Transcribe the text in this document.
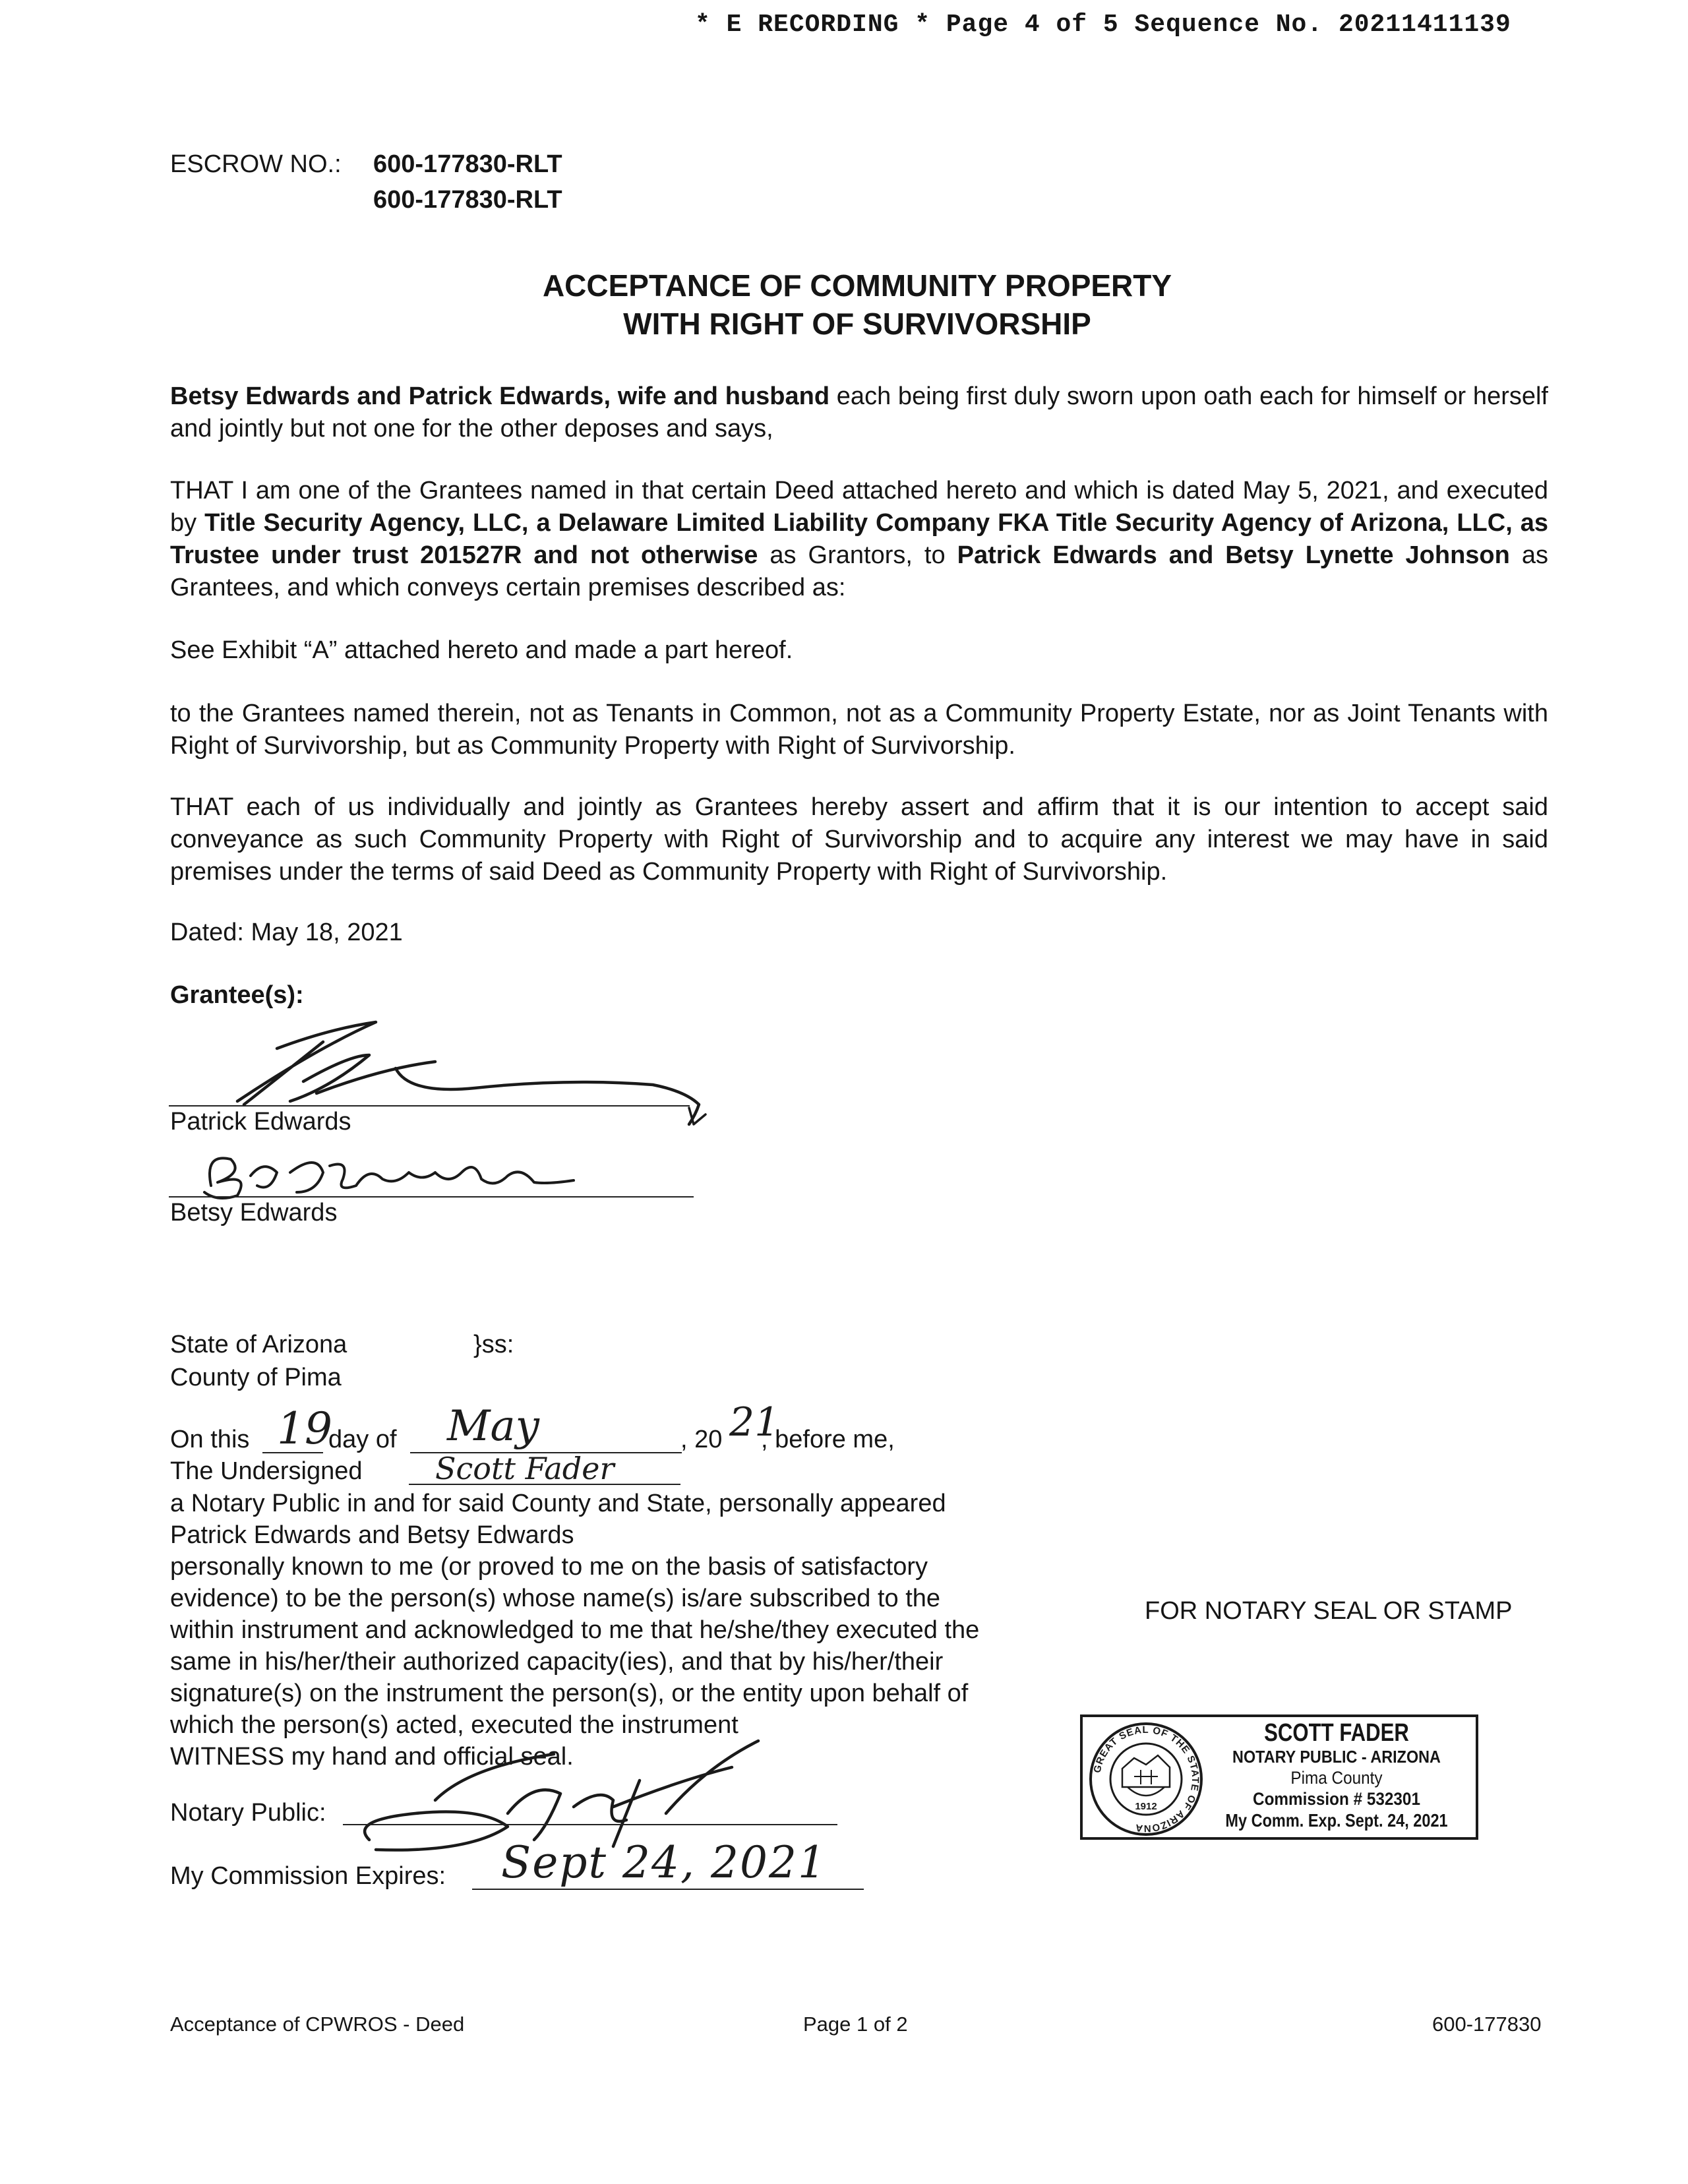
* E RECORDING * Page 4 of 5 Sequence No. 20211411139
ESCROW NO.: 600-177830-RLT
600-177830-RLT
ACCEPTANCE OF COMMUNITY PROPERTY
WITH RIGHT OF SURVIVORSHIP
Betsy Edwards and Patrick Edwards, wife and husband each being first duly sworn upon oath each for himself or herself and jointly but not one for the other deposes and says,
THAT I am one of the Grantees named in that certain Deed attached hereto and which is dated May 5, 2021, and executed by Title Security Agency, LLC, a Delaware Limited Liability Company FKA Title Security Agency of Arizona, LLC, as Trustee under trust 201527R and not otherwise as Grantors, to Patrick Edwards and Betsy Lynette Johnson as Grantees, and which conveys certain premises described as:
See Exhibit “A” attached hereto and made a part hereof.
to the Grantees named therein, not as Tenants in Common, not as a Community Property Estate, nor as Joint Tenants with Right of Survivorship, but as Community Property with Right of Survivorship.
THAT each of us individually and jointly as Grantees hereby assert and affirm that it is our intention to accept said conveyance as such Community Property with Right of Survivorship and to acquire any interest we may have in said premises under the terms of said Deed as Community Property with Right of Survivorship.
Dated: May 18, 2021
Grantee(s):
Patrick Edwards
Betsy Edwards
State of Arizona	}ss:
County of Pima
On this 19
day of May	, 20 21
, before me,
The Undersigned Scott Fader
a Notary Public in and for said County and State, personally appeared
Patrick Edwards and Betsy Edwards
personally known to me (or proved to me on the basis of satisfactory
evidence) to be the person(s) whose name(s) is/are subscribed to the
within instrument and acknowledged to me that he/she/they executed the
same in his/her/their authorized capacity(ies), and that by his/her/their
signature(s) on the instrument the person(s), or the entity upon behalf of
which the person(s) acted, executed the instrument
WITNESS my hand and official seal.
Notary Public:
My Commission Expires: Sept 24, 2021
FOR NOTARY SEAL OR STAMP
GREAT SEAL OF THE STATE OF ARIZONA
1912
SCOTT FADER
NOTARY PUBLIC - ARIZONA
Pima County
Commission # 532301
My Comm. Exp. Sept. 24, 2021
Acceptance of CPWROS - Deed	Page 1 of 2	600-177830
